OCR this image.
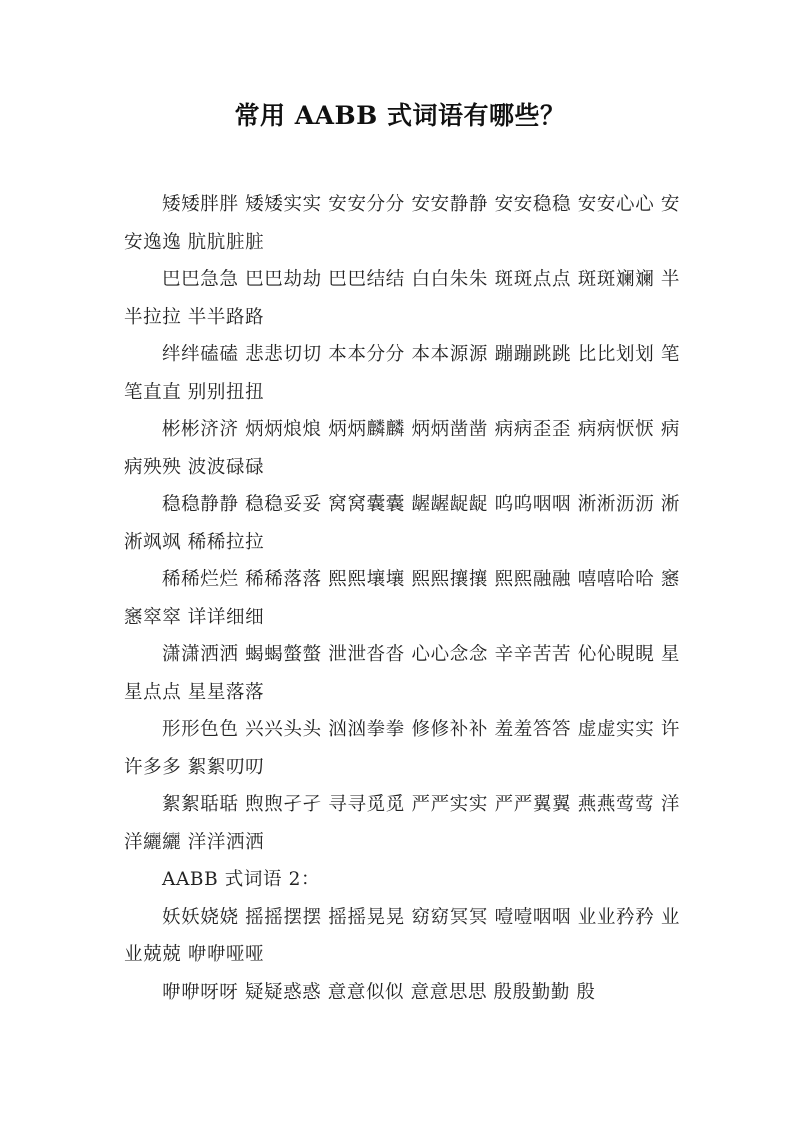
常用 AABB 式词语有哪些？

矮矮胖胖 矮矮实实 安安分分 安安静静 安安稳稳 安安心心 安安逸逸 肮肮脏脏

巴巴急急 巴巴劫劫 巴巴结结 白白朱朱 斑斑点点 斑斑斓斓 半半拉拉 半半路路

绊绊磕磕 悲悲切切 本本分分 本本源源 蹦蹦跳跳 比比划划 笔笔直直 别别扭扭

彬彬济济 炳炳烺烺 炳炳麟麟 炳炳凿凿 病病歪歪 病病恹恹 病病殃殃 波波碌碌

稳稳静静 稳稳妥妥 窝窝囊囊 龌龌龊龊 呜呜咽咽 淅淅沥沥 淅淅飒飒 稀稀拉拉

稀稀烂烂 稀稀落落 熙熙壤壤 熙熙攘攘 熙熙融融 嘻嘻哈哈 窸窸窣窣 详详细细

潇潇洒洒 蝎蝎螫螫 泄泄沓沓 心心念念 辛辛苦苦 伈伈睍睍 星星点点 星星落落

形形色色 兴兴头头 汹汹拳拳 修修补补 羞羞答答 虚虚实实 许许多多 絮絮叨叨

絮絮聒聒 煦煦孑孑 寻寻觅觅 严严实实 严严翼翼 燕燕莺莺 洋洋纚纚 洋洋洒洒

AABB 式词语 2：

妖妖娆娆 摇摇摆摆 摇摇晃晃 窈窈冥冥 噎噎咽咽 业业矜矜 业业兢兢 咿咿哑哑

咿咿呀呀 疑疑惑惑 意意似似 意意思思 殷殷勤勤 殷
